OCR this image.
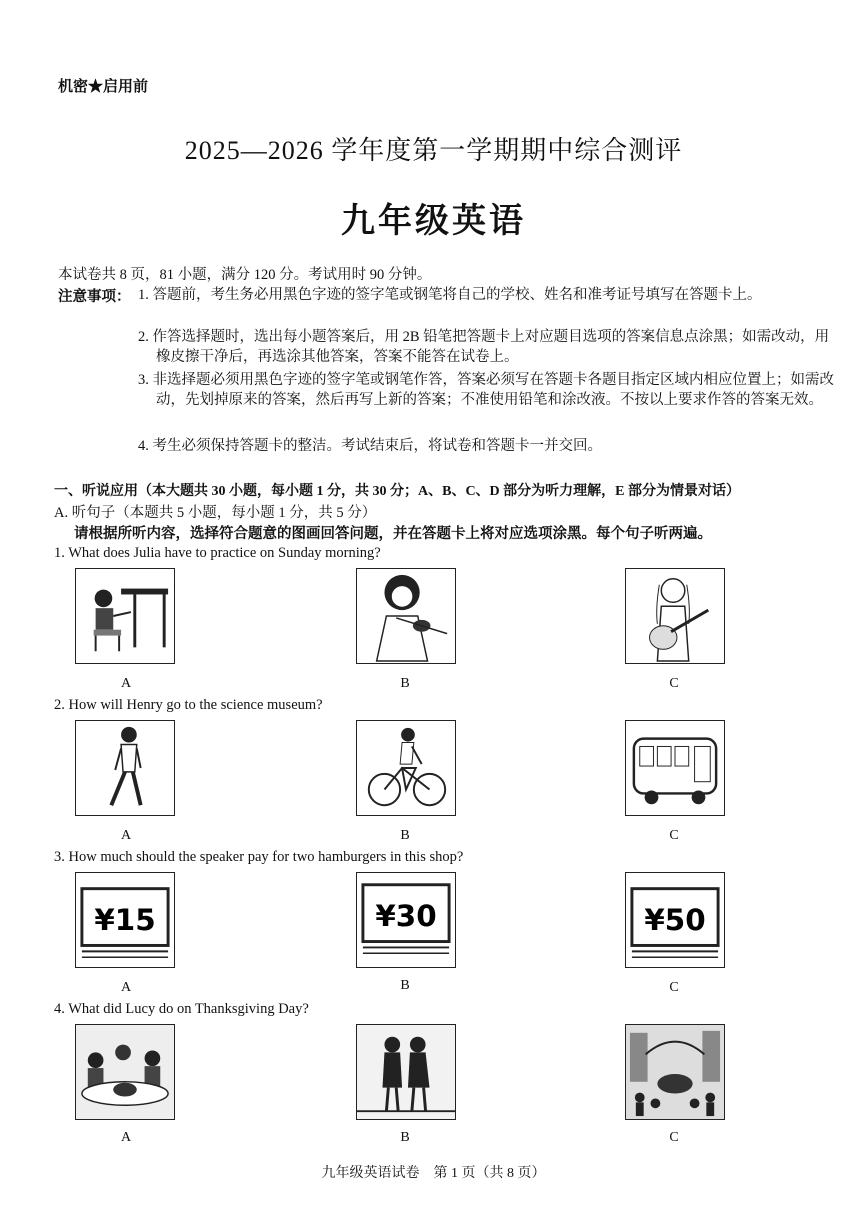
机密★启用前
2025—2026 学年度第一学期期中综合测评
九年级英语
本试卷共 8 页，81 小题，满分 120 分。考试用时 90 分钟。
注意事项： 1. 答题前，考生务必用黑色字迹的签字笔或钢笔将自己的学校、姓名和准考证号填写在答题卡上。
2. 作答选择题时，选出每小题答案后，用 2B 铅笔把答题卡上对应题目选项的答案信息点涂黑；如需改动，用橡皮擦干净后，再选涂其他答案，答案不能答在试卷上。
3. 非选择题必须用黑色字迹的签字笔或钢笔作答，答案必须写在答题卡各题目指定区域内相应位置上；如需改动，先划掉原来的答案，然后再写上新的答案；不准使用铅笔和涂改液。不按以上要求作答的答案无效。
4. 考生必须保持答题卡的整洁。考试结束后，将试卷和答题卡一并交回。
一、听说应用（本大题共 30 小题，每小题 1 分，共 30 分；A、B、C、D 部分为听力理解，E 部分为情景对话）
A. 听句子（本题共 5 小题，每小题 1 分，共 5 分）
请根据所听内容，选择符合题意的图画回答问题，并在答题卡上将对应选项涂黑。每个句子听两遍。
1. What does Julia have to practice on Sunday morning?
A	B	C
2. How will Henry go to the science museum?
A	B	C
3. How much should the speaker pay for two hamburgers in this shop?
¥15
A
¥30
B
¥50
C
4. What did Lucy do on Thanksgiving Day?
A	B	C
九年级英语试卷　第 1 页（共 8 页）
